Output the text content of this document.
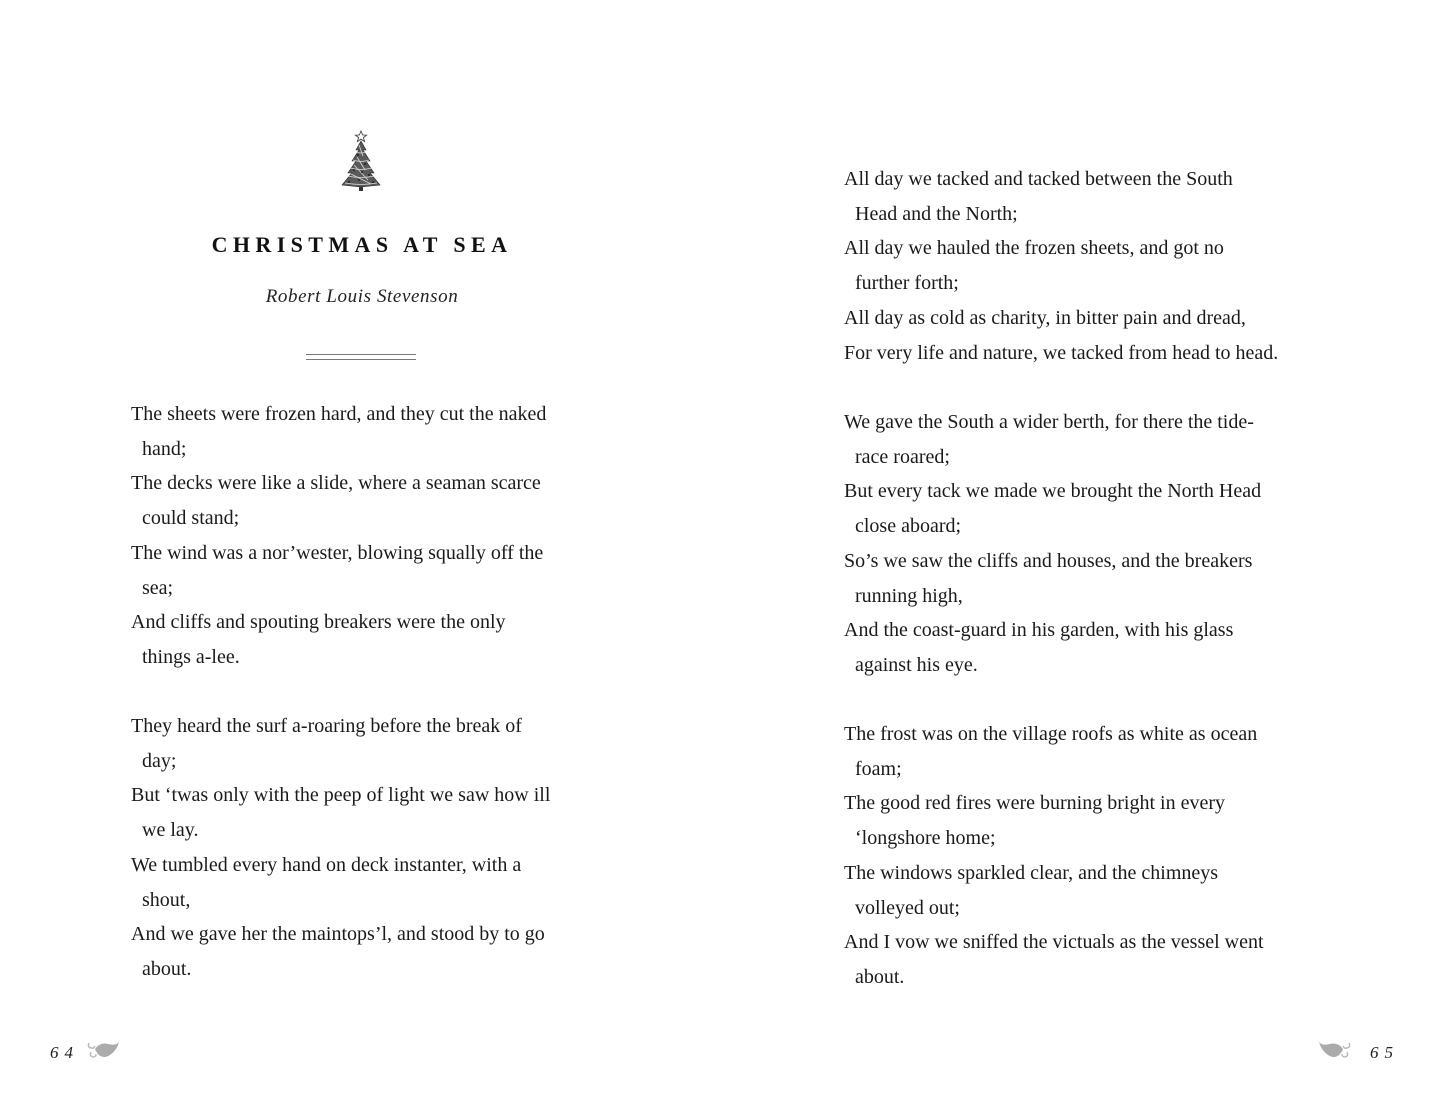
CHRISTMAS AT SEA
Robert Louis Stevenson
The sheets were frozen hard, and they cut the naked
hand;
The decks were like a slide, where a seaman scarce
could stand;
The wind was a nor’wester, blowing squally off the
sea;
And cliffs and spouting breakers were the only
things a-lee.
They heard the surf a-roaring before the break of
day;
But ‘twas only with the peep of light we saw how ill
we lay.
We tumbled every hand on deck instanter, with a
shout,
And we gave her the maintops’l, and stood by to go
about.
64
All day we tacked and tacked between the South
Head and the North;
All day we hauled the frozen sheets, and got no
further forth;
All day as cold as charity, in bitter pain and dread,
For very life and nature, we tacked from head to head.
We gave the South a wider berth, for there the tide-
race roared;
But every tack we made we brought the North Head
close aboard;
So’s we saw the cliffs and houses, and the breakers
running high,
And the coast-guard in his garden, with his glass
against his eye.
The frost was on the village roofs as white as ocean
foam;
The good red fires were burning bright in every
‘longshore home;
The windows sparkled clear, and the chimneys
volleyed out;
And I vow we sniffed the victuals as the vessel went
about.
65
